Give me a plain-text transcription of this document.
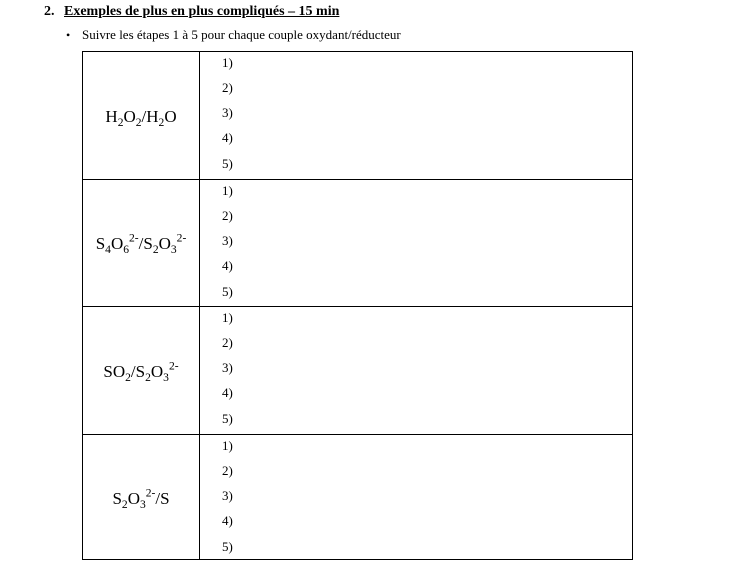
2. Exemples de plus en plus compliqués – 15 min
• Suivre les étapes 1 à 5 pour chaque couple oxydant/réducteur
$H_2O_2/H_2O$
1)
2)
3)
4)
5)
$S_4O_6^{2-}/S_2O_3^{2-}$
1)
2)
3)
4)
5)
$SO_2/S_2O_3^{2-}$
1)
2)
3)
4)
5)
$S_2O_3^{2-}/S$
1)
2)
3)
4)
5)
